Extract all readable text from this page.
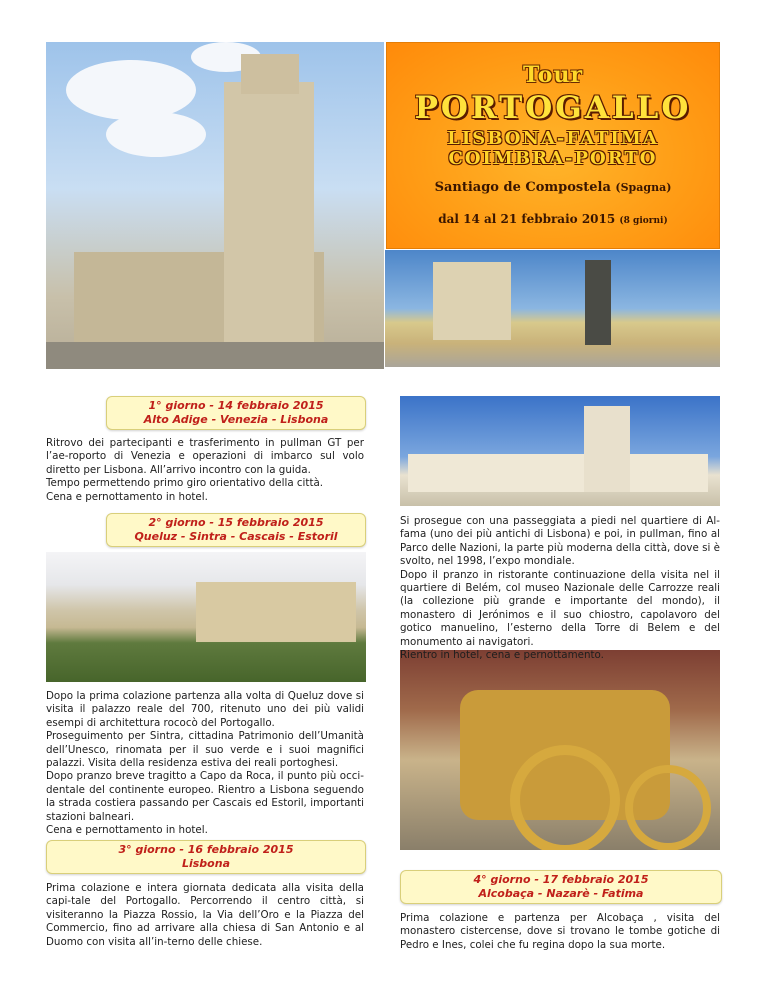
Tour
PORTOGALLO
LISBONA-FATIMA
COIMBRA-PORTO
Santiago de Compostela (Spagna)
dal 14 al 21 febbraio 2015 (8 giorni)
1° giorno - 14 febbraio 2015
Alto Adige - Venezia - Lisbona

Ritrovo dei partecipanti e trasferimento in pullman GT per l’ae-roporto di Venezia e operazioni di imbarco sul volo diretto per Lisbona. All’arrivo incontro con la guida.

Tempo permettendo primo giro orientativo della città.

Cena e pernottamento in hotel.

2° giorno - 15 febbraio 2015
Queluz - Sintra - Cascais - Estoril

Dopo la prima colazione partenza alla volta di Queluz dove si visita il palazzo reale del 700, ritenuto uno dei più validi esempi di architettura rococò del Portogallo.

Proseguimento per Sintra, cittadina Patrimonio dell’Umanità dell’Unesco, rinomata per il suo verde e i suoi magnifici palazzi. Visita della residenza estiva dei reali portoghesi.

Dopo pranzo breve tragitto a Capo da Roca, il punto più occi-dentale del continente europeo. Rientro a Lisbona seguendo la strada costiera passando per Cascais ed Estoril, importanti stazioni balneari.

Cena e pernottamento in hotel.

3° giorno - 16 febbraio 2015
Lisbona

Prima colazione e intera giornata dedicata alla visita della capi-tale del Portogallo. Percorrendo il centro città, si visiteranno la Piazza Rossio, la Via dell’Oro e la Piazza del Commercio, fino ad arrivare alla chiesa di San Antonio e al Duomo con visita all’in-terno delle chiese.

Si prosegue con una passeggiata a piedi nel quartiere di Al-fama (uno dei più antichi di Lisbona) e poi, in pullman, fino al Parco delle Nazioni, la parte più moderna della città, dove si è svolto, nel 1998, l’expo mondiale.

Dopo il pranzo in ristorante continuazione della visita nel il quartiere di Belém, col museo Nazionale delle Carrozze reali (la collezione più grande e importante del mondo), il monastero di Jerónimos e il suo chiostro, capolavoro del gotico manuelino, l’esterno della Torre di Belem e del monumento ai navigatori.

Rientro in hotel, cena e pernottamento.

4° giorno - 17 febbraio 2015
Alcobaça - Nazarè - Fatima

Prima colazione e partenza per Alcobaça , visita del monastero cistercense, dove si trovano le tombe gotiche di Pedro e Ines, colei che fu regina dopo la sua morte.
